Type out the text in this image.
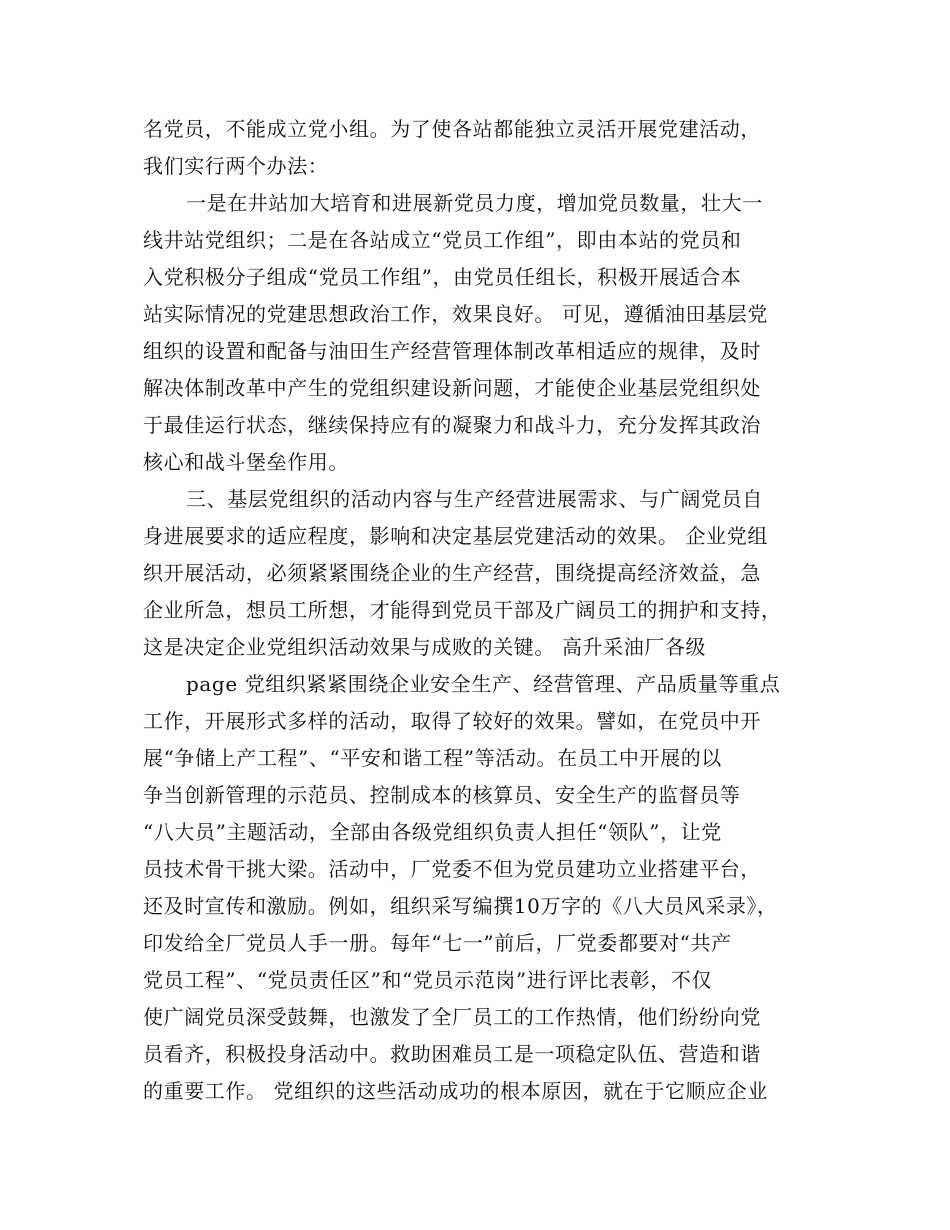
名党员，不能成立党小组。为了使各站都能独立灵活开展党建活动，
我们实行两个办法：
一是在井站加大培育和进展新党员力度，增加党员数量，壮大一
线井站党组织；二是在各站成立“党员工作组”，即由本站的党员和
入党积极分子组成“党员工作组”，由党员任组长，积极开展适合本
站实际情况的党建思想政治工作，效果良好。 可见，遵循油田基层党
组织的设置和配备与油田生产经营管理体制改革相适应的规律，及时
解决体制改革中产生的党组织建设新问题，才能使企业基层党组织处
于最佳运行状态，继续保持应有的凝聚力和战斗力，充分发挥其政治
核心和战斗堡垒作用。
三、基层党组织的活动内容与生产经营进展需求、与广阔党员自
身进展要求的适应程度，影响和决定基层党建活动的效果。 企业党组
织开展活动，必须紧紧围绕企业的生产经营，围绕提高经济效益，急
企业所急，想员工所想，才能得到党员干部及广阔员工的拥护和支持，
这是决定企业党组织活动效果与成败的关键。 高升采油厂各级
page 党组织紧紧围绕企业安全生产、经营管理、产品质量等重点
工作，开展形式多样的活动，取得了较好的效果。譬如，在党员中开
展“争储上产工程”、“平安和谐工程”等活动。在员工中开展的以
争当创新管理的示范员、控制成本的核算员、安全生产的监督员等
“八大员”主题活动，全部由各级党组织负责人担任“领队”，让党
员技术骨干挑大梁。活动中，厂党委不但为党员建功立业搭建平台，
还及时宣传和激励。例如，组织采写编撰10万字的《八大员风采录》，
印发给全厂党员人手一册。每年“七一”前后，厂党委都要对“共产
党员工程”、“党员责任区”和“党员示范岗”进行评比表彰，不仅
使广阔党员深受鼓舞，也激发了全厂员工的工作热情，他们纷纷向党
员看齐，积极投身活动中。救助困难员工是一项稳定队伍、营造和谐
的重要工作。 党组织的这些活动成功的根本原因，就在于它顺应企业
